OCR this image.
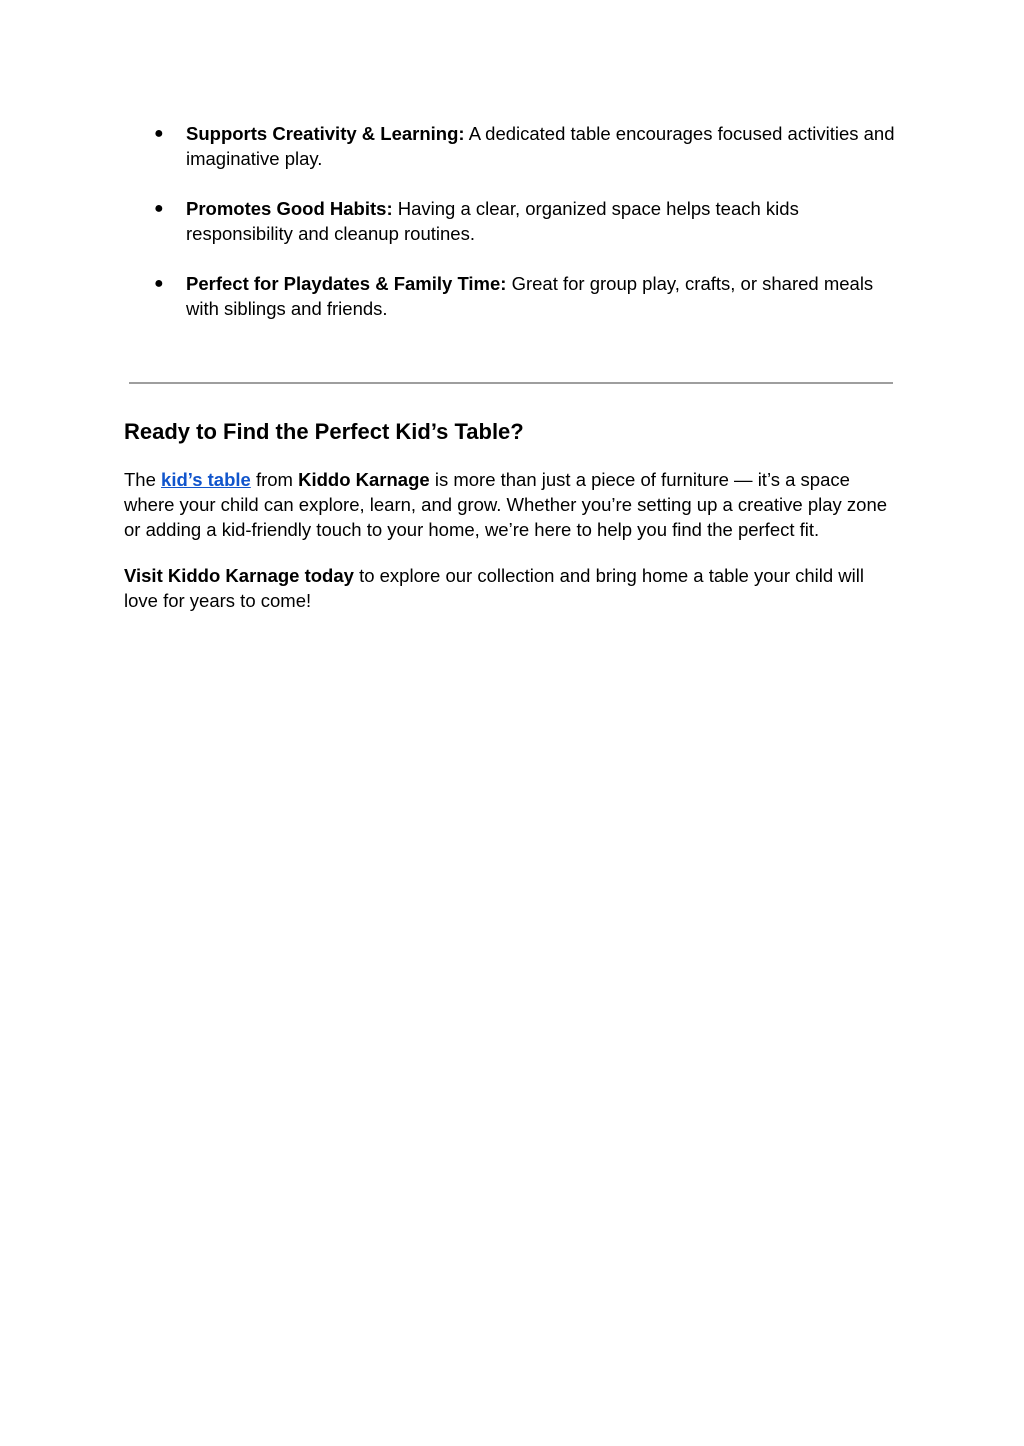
● Supports Creativity & Learning: A dedicated table encourages focused activities and imaginative play.
● Promotes Good Habits: Having a clear, organized space helps teach kids responsibility and cleanup routines.
● Perfect for Playdates & Family Time: Great for group play, crafts, or shared meals with siblings and friends.
Ready to Find the Perfect Kid’s Table?

The kid’s table from Kiddo Karnage is more than just a piece of furniture — it’s a space where your child can explore, learn, and grow. Whether you’re setting up a creative play zone or adding a kid-friendly touch to your home, we’re here to help you find the perfect fit.

Visit Kiddo Karnage today to explore our collection and bring home a table your child will love for years to come!
